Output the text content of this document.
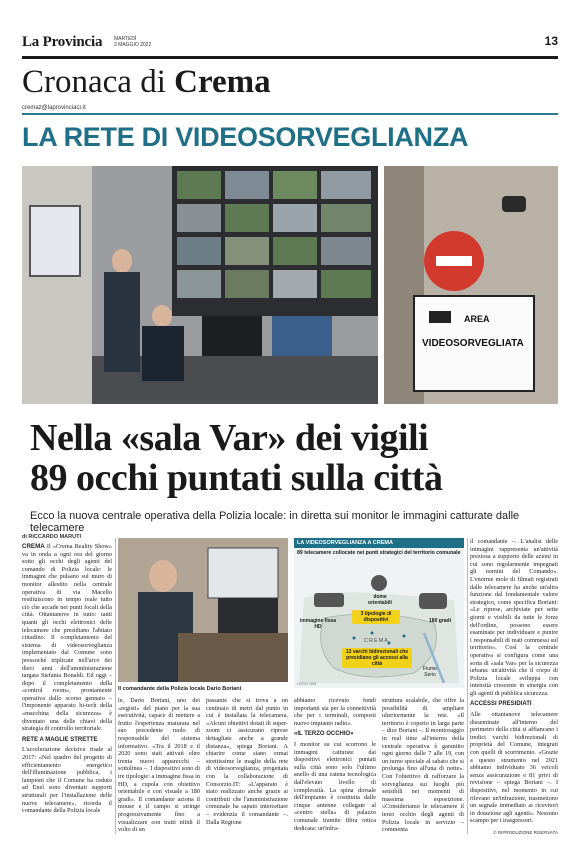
La Provincia MARTEDÌ
3 MAGGIO 2022	13
Cronaca di Crema
cremaz@laprovinciacr.it
LA RETE DI VIDEOSORVEGLIANZA
AREA
VIDEOSORVEGLIATA
Nella «sala Var» dei vigili
89 occhi puntati sulla città
Ecco la nuova centrale operativa della Polizia locale: in diretta sui monitor le immagini catturate dalle telecamere
di RICCARDO MARUTI

CREMA Il «Crema Reality Show» va in onda a ogni ora del giorno sotto gli occhi degli agenti del comando di Polizia locale: le immagini che pulsano sul muro di monitor allestito nella centrale operativa di via Macello restituiscono in tempo reale tutto ciò che accade nei punti focali della città. Ottantanove in tutto: tanti quanti gli occhi elettronici delle telecamere che presidiano l'abitato cittadino. Il completamento del sistema di videosorveglianza implementato dal Comune sono pressoché triplicate nell'arco dei dieci anni dell'amministrazione targata Stefania Bonaldi. Ed oggi – dopo il completamento della «control room», prontamente operativa dallo scorso gennaio – l'imponente apparato hi-tech della «macchina della sicurezza» è diventato una delle chiavi della strategia di controllo territoriale.

RETE A MAGLIE STRETTE

L'accelerazione decisiva risale al 2017: «Nel quadro del progetto di efficientamento energetico dell'illuminazione pubblica, i lampioni che il Comune ha ceduto ad Enel sono diventati supporti strutturali per l'installazione delle nuove telecamere», ricorda il comandante della Polizia locale

Il comandante della Polizia locale Dario Boriani

le, Dario Boriani, uno dei «registi» del piano per la sua esecutività, capace di mettere a frutto l'esperienza maturata nel suo precedente ruolo di responsabile del sistema informativo. «Tra il 2018 e il 2020 sono stati attivati oltre trenta nuovi apparecchi – sottolinea –. I dispositivi sono di tre tipologie: a immagine fissa in HD, a cupola con obiettivo orientabile e con visuale a 180 gradi». Il comandante aziona il mouse e il campo si stringe progressivamente fino a visualizzare con tratti nitidi il volto di un

passante che si trova a un centinaio di metri dal punto in cui è installata la telecamera. «Alcuni obiettivi dotati di super-zoom ci assicurano riprese dettagliate anche a grande distanza», spiega Boriani. A chiarire come siano ormai strettissime le maglie della rete di videosorveglianza, progettata con la collaborazione di Consorzio.IT: «L'apparato è stato realizzato anche grazie ai contributi che l'amministrazione comunale ha saputo intercettare – evidenzia il comandante –. Dalla Regione

LA VIDEOSORVEGLIANZA A CREMA
89 telecamere collocate nei punti strategici del territorio comunale
dome orientabili
3 tipologie di dispositivi
immagine fissa HD
180 gradi
CREMA
13 varchi bidirezionali che presidiano gli accessi alla città
Fiume Serio
LEGO-HIB

abbiamo ricevuto fondi importanti sia per la connettività che per i terminali, composti nuovo impianto radio».

«IL TERZO OCCHIO»

I monitor su cui scorrono le immagini catturate dai dispositivi elettronici puntati sulla città sono solo l'ultimo anello di una catena tecnologica dall'elevato livello di complessità. La spina dorsale dell'impianto è costituita dalle cinque antenne collegate al «centro stella» di palazzo comunale tramite fibra ottica dedicata: un'infra-

struttura scalabile, che offre la possibilità di ampliare ulteriormente la rete. «Il territorio è coperto in larga parte – dice Boriani –. Il monitoraggio in real time all'interno della centrale operativa è garantito ogni giorno dalle 7 alle 19, con un turno speciale al sabato che si prolunga fino all'una di notte». Con l'obiettivo di rafforzare la sorveglianza sui luoghi più sensibili nei momenti di massima esposizione. «Consideriamo le telecamere il terzo occhio degli agenti di Polizia locale in servizio – commenta

il comandante –. L'analisi delle immagini rappresenta un'attività preziosa a supporto delle azioni in cui sono regolarmente impegnati gli uomini del Comando». L'enorme mole di filmati registrati dalle telecamere ha anche un'altra funzione dal fondamentale valore strategico, come specifica Boriani: «Le riprese, archiviate per sette giorni e visibili da tutte le forze dell'ordine, possono essere esaminate per individuare e punire i responsabili di reati commessi sul territorio». Così la centrale operativa si configura come una sorta di «sala Var» per la sicurezza urbana: un'attività che il corpo di Polizia locale sviluppa con intensità crescente in sinergia con gli agenti di pubblica sicurezza.

ACCESSI PRESIDIATI

Alle ottantanove telecamere disseminate all'interno del perimetro della città si affiancano i tredici varchi bidirezionali di proprietà del Comune, integrati con quelli di scorrimento. «Grazie a questo strumento nel 2021 abbiamo individuato 36 veicoli senza assicurazione e 81 privi di revisione – spiega Boriani –. I dispositivi, nel momento in cui rilevano un'infrazione, trasmettono un segnale immediato ai ricevitori in dotazione agli agenti». Nessuno scampo per i trasgressori.

© RIPRODUZIONE RISERVATA
